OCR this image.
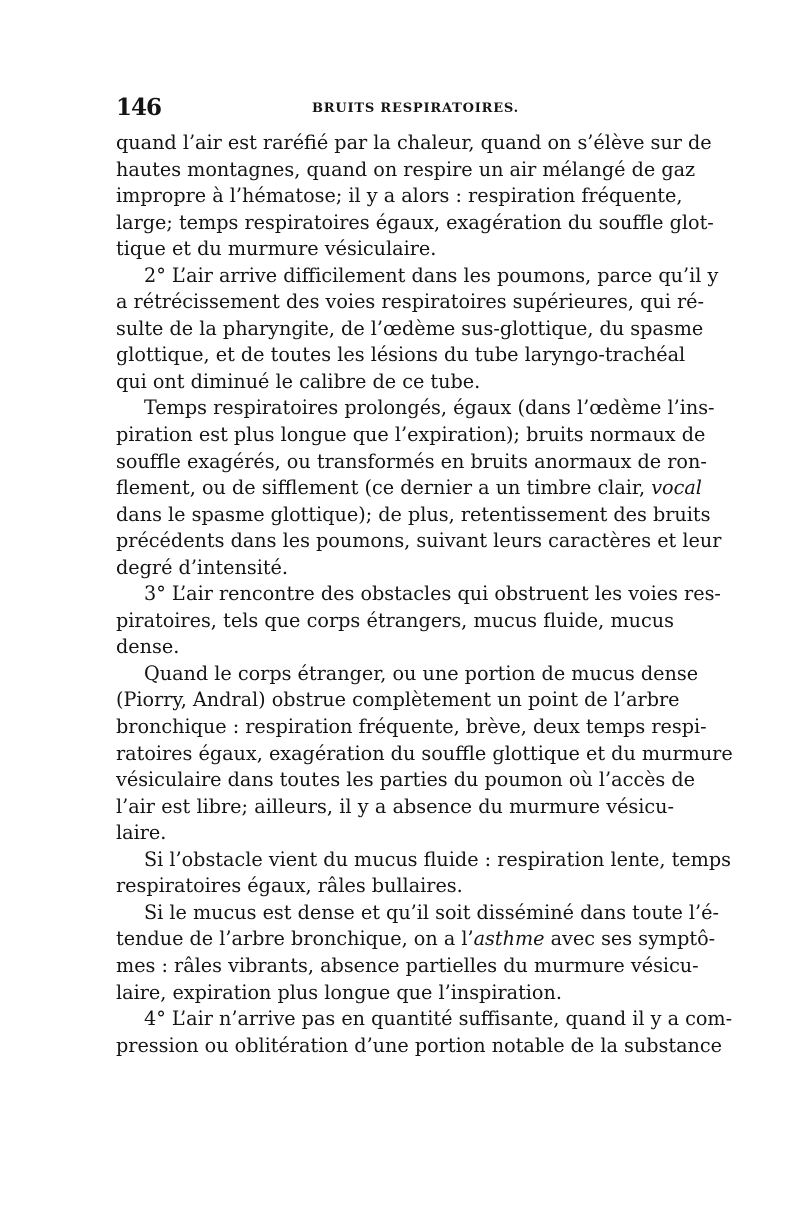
146	BRUITS RESPIRATOIRES.
quand l’air est raréfié par la chaleur, quand on s’élève sur de
hautes montagnes, quand on respire un air mélangé de gaz
impropre à l’hématose; il y a alors : respiration fréquente,
large; temps respiratoires égaux, exagération du souffle glot-
tique et du murmure vésiculaire.
2° L’air arrive difficilement dans les poumons, parce qu’il y
a rétrécissement des voies respiratoires supérieures, qui ré-
sulte de la pharyngite, de l’œdème sus-glottique, du spasme
glottique, et de toutes les lésions du tube laryngo-trachéal
qui ont diminué le calibre de ce tube.
Temps respiratoires prolongés, égaux (dans l’œdème l’ins-
piration est plus longue que l’expiration); bruits normaux de
souffle exagérés, ou transformés en bruits anormaux de ron-
flement, ou de sifflement (ce dernier a un timbre clair, vocal
dans le spasme glottique); de plus, retentissement des bruits
précédents dans les poumons, suivant leurs caractères et leur
degré d’intensité.
3° L’air rencontre des obstacles qui obstruent les voies res-
piratoires, tels que corps étrangers, mucus fluide, mucus
dense.
Quand le corps étranger, ou une portion de mucus dense
(Piorry, Andral) obstrue complètement un point de l’arbre
bronchique : respiration fréquente, brève, deux temps respi-
ratoires égaux, exagération du souffle glottique et du murmure
vésiculaire dans toutes les parties du poumon où l’accès de
l’air est libre; ailleurs, il y a absence du murmure vésicu-
laire.
Si l’obstacle vient du mucus fluide : respiration lente, temps
respiratoires égaux, râles bullaires.
Si le mucus est dense et qu’il soit disséminé dans toute l’é-
tendue de l’arbre bronchique, on a l’asthme avec ses symptô-
mes : râles vibrants, absence partielles du murmure vésicu-
laire, expiration plus longue que l’inspiration.
4° L’air n’arrive pas en quantité suffisante, quand il y a com-
pression ou oblitération d’une portion notable de la substance
